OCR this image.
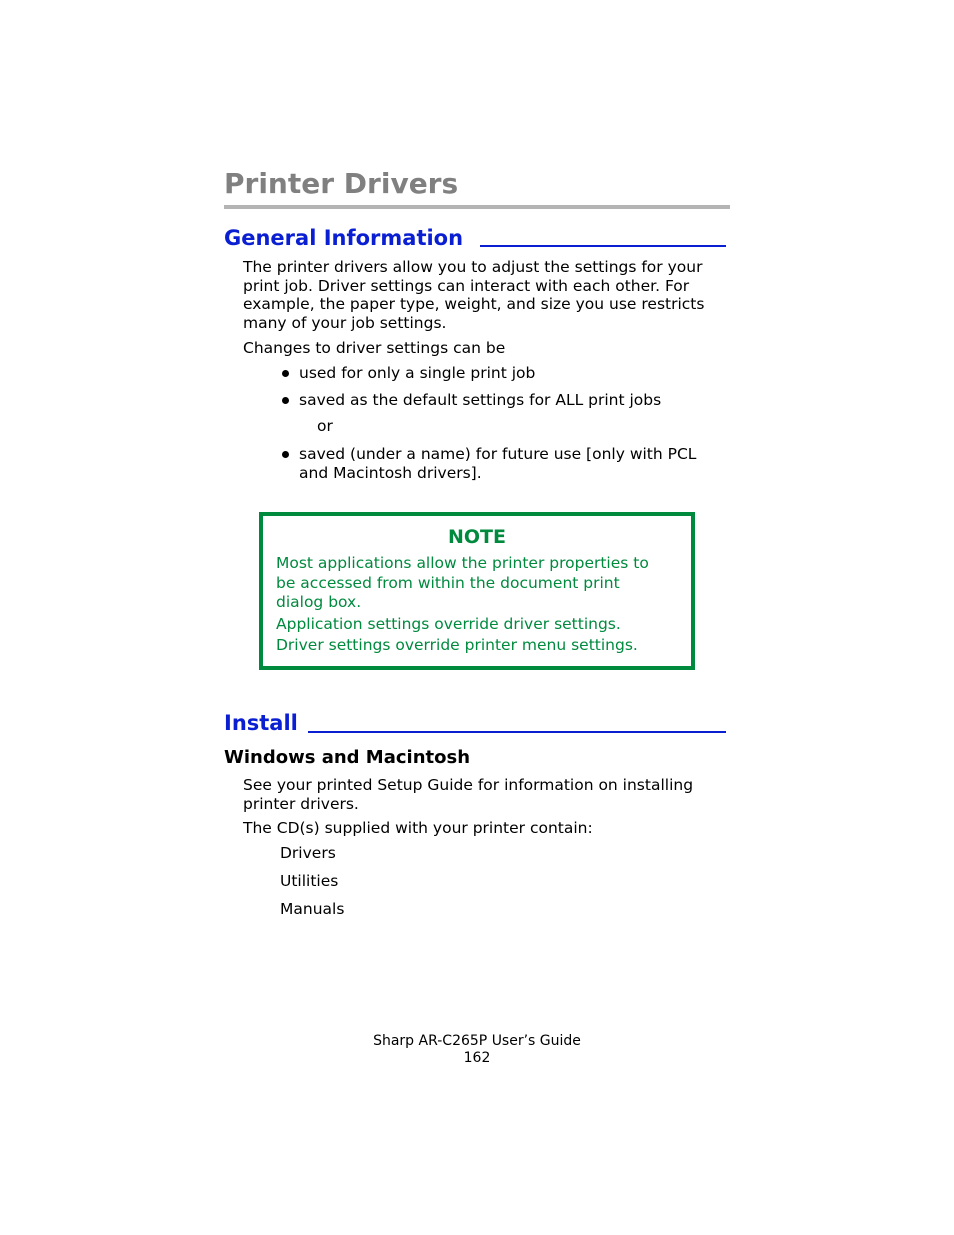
Printer Drivers
General Information
The printer drivers allow you to adjust the settings for your
print job. Driver settings can interact with each other. For
example, the paper type, weight, and size you use restricts
many of your job settings.
Changes to driver settings can be
used for only a single print job
saved as the default settings for ALL print jobs
or
saved (under a name) for future use [only with PCL
and Macintosh drivers].
NOTE
Most applications allow the printer properties to
be accessed from within the document print
dialog box.
Application settings override driver settings.
Driver settings override printer menu settings.
Install
Windows and Macintosh
See your printed Setup Guide for information on installing
printer drivers.
The CD(s) supplied with your printer contain:
Drivers
Utilities
Manuals
Sharp AR-C265P User’s Guide
162
